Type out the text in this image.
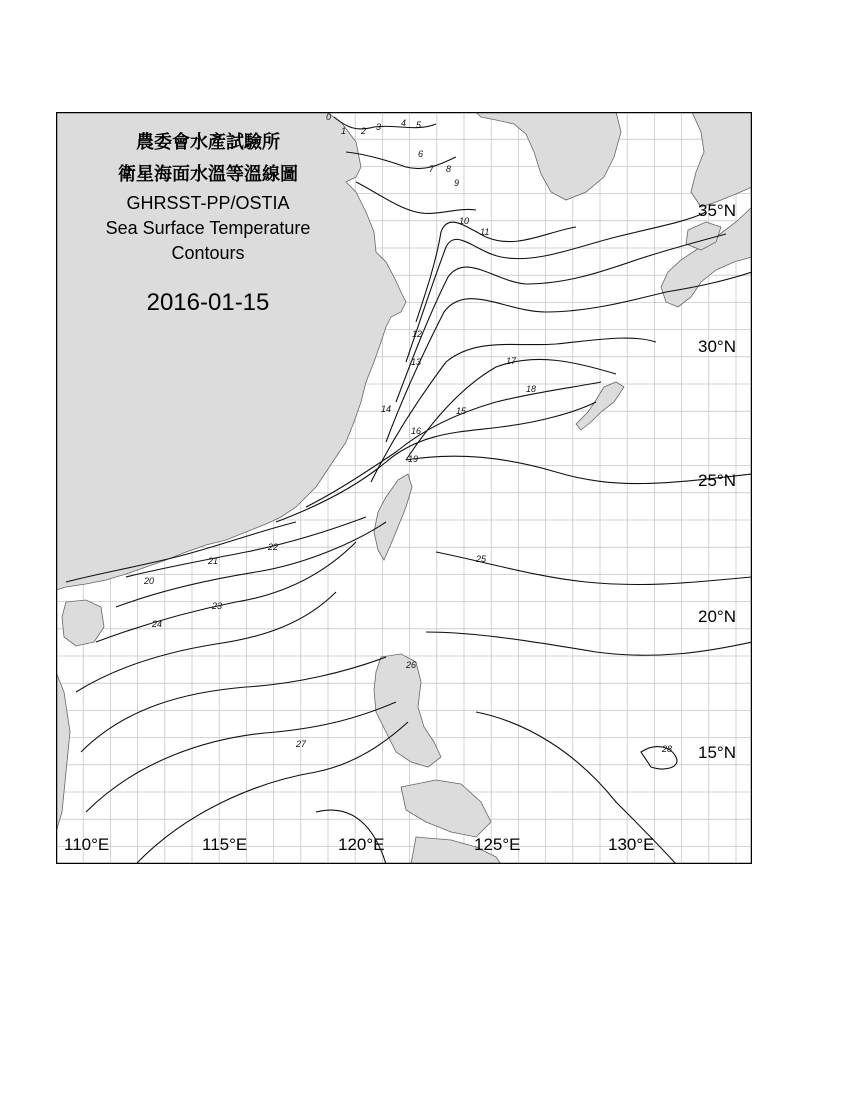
0
1 2 3 4 5
6
7 8
9
10
11
12
13
14	15
16
17
18
19
20
21
22
23
24
25
26
27	28
35°N
30°N
25°N
20°N
15°N
110°E	115°E	120°E	125°E	130°E
農委會水產試驗所
衛星海面水溫等溫線圖
GHRSST-PP/OSTIA
Sea Surface Temperature
Contours
2016-01-15
